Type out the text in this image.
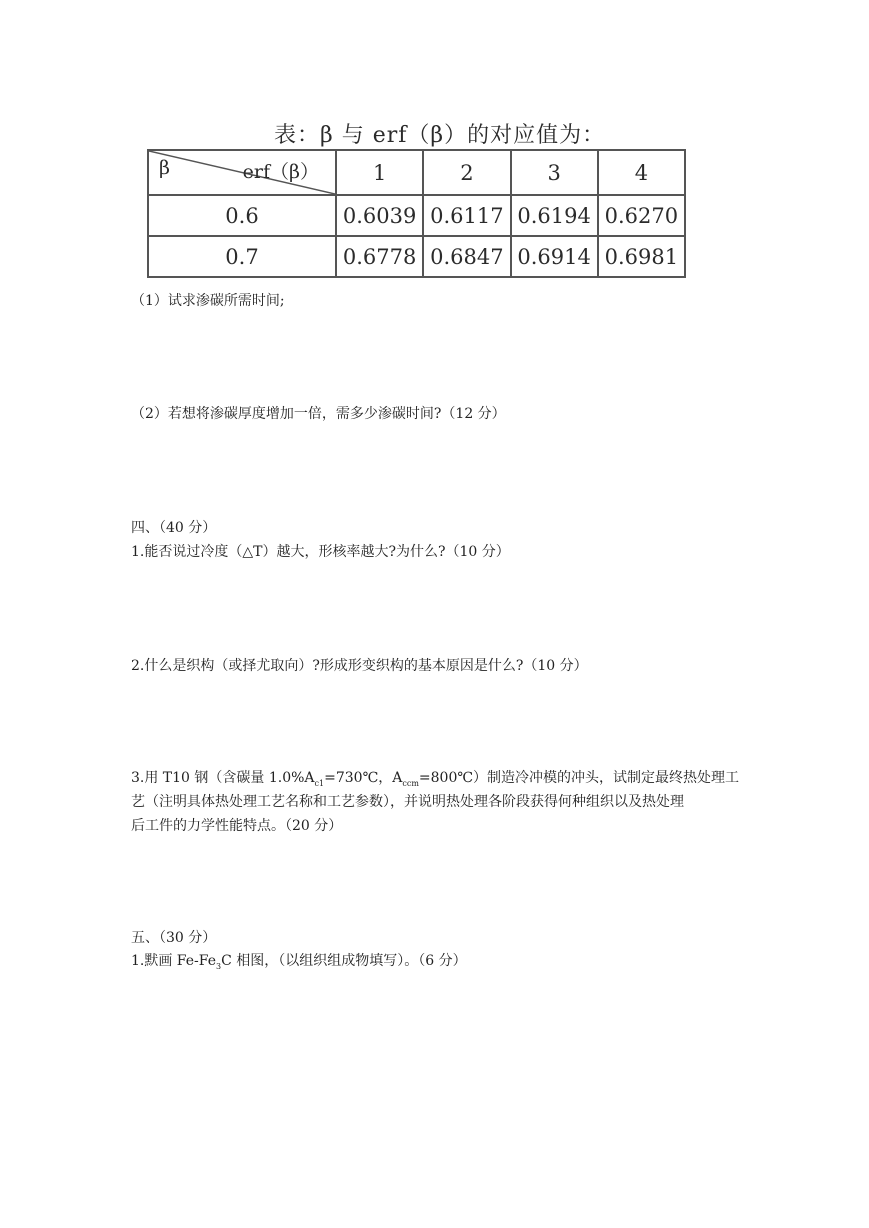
表：β 与 erf（β）的对应值为：
β erf（β）	1	2	3	4
0.6	0.6039	0.6117	0.6194	0.6270
0.7	0.6778	0.6847	0.6914	0.6981
（1）试求渗碳所需时间;
（2）若想将渗碳厚度增加一倍，需多少渗碳时间?（12 分）
四、（40 分）
1.能否说过冷度（△T）越大，形核率越大?为什么?（10 分）
2.什么是织构（或择尤取向）?形成形变织构的基本原因是什么?（10 分）
3.用 T10 钢（含碳量 $1.0\%A_{c1}=730℃$，$A_{ccm}=800℃$）制造冷冲模的冲头，试制定最终热处理工
艺（注明具体热处理工艺名称和工艺参数），并说明热处理各阶段获得何种组织以及热处理
后工件的力学性能特点。（20 分）
五、（30 分）
1.默画 $Fe-Fe_3C$ 相图，（以组织组成物填写）。（6 分）
